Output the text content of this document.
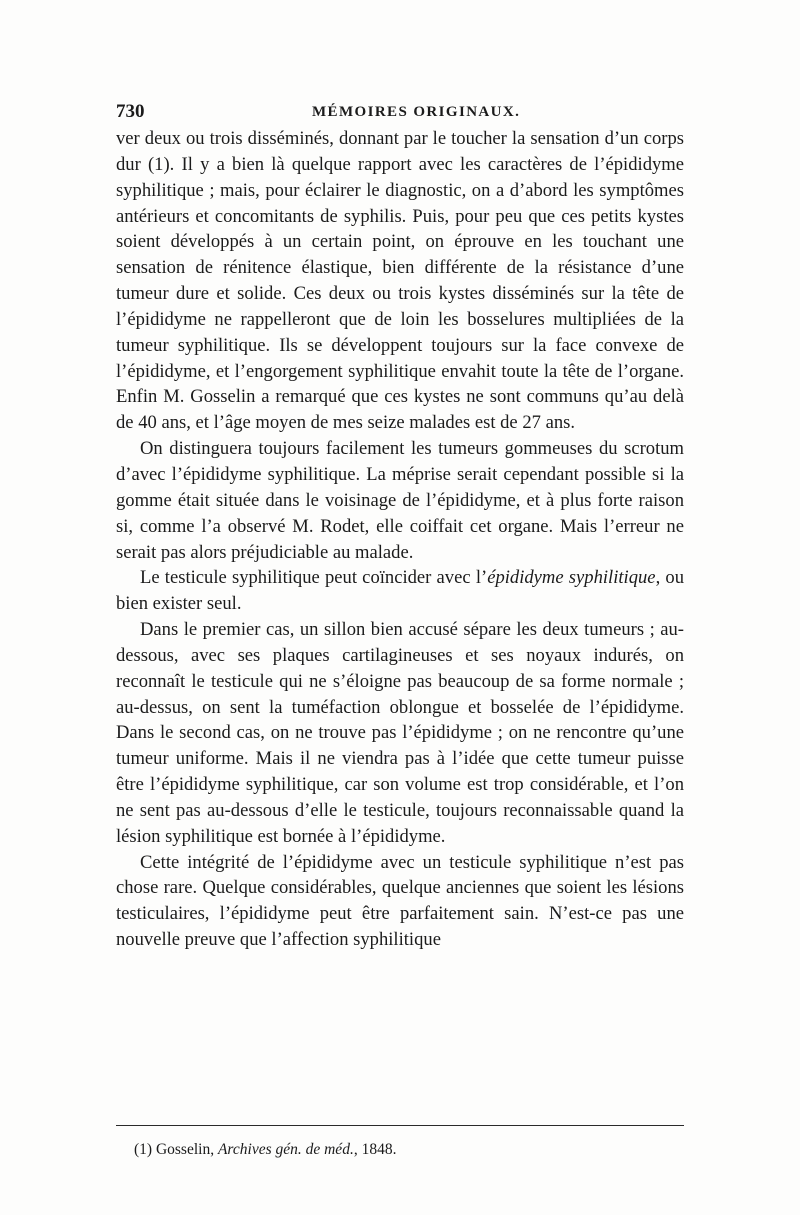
730	MÉMOIRES ORIGINAUX.

ver deux ou trois disséminés, donnant par le toucher la sensation d’un corps dur (1). Il y a bien là quelque rapport avec les caractères de l’épididyme syphilitique ; mais, pour éclairer le diagnostic, on a d’abord les symptômes antérieurs et concomitants de syphilis. Puis, pour peu que ces petits kystes soient développés à un certain point, on éprouve en les touchant une sensation de rénitence élastique, bien différente de la résistance d’une tumeur dure et solide. Ces deux ou trois kystes disséminés sur la tête de l’épididyme ne rappelleront que de loin les bosselures multipliées de la tumeur syphilitique. Ils se développent toujours sur la face convexe de l’épididyme, et l’engorgement syphilitique envahit toute la tête de l’organe. Enfin M. Gosselin a remarqué que ces kystes ne sont communs qu’au delà de 40 ans, et l’âge moyen de mes seize malades est de 27 ans.

On distinguera toujours facilement les tumeurs gommeuses du scrotum d’avec l’épididyme syphilitique. La méprise serait cependant possible si la gomme était située dans le voisinage de l’épididyme, et à plus forte raison si, comme l’a observé M. Rodet, elle coiffait cet organe. Mais l’erreur ne serait pas alors préjudiciable au malade.

Le testicule syphilitique peut coïncider avec l’épididyme syphilitique, ou bien exister seul.

Dans le premier cas, un sillon bien accusé sépare les deux tumeurs ; au-dessous, avec ses plaques cartilagineuses et ses noyaux indurés, on reconnaît le testicule qui ne s’éloigne pas beaucoup de sa forme normale ; au-dessus, on sent la tuméfaction oblongue et bosselée de l’épididyme. Dans le second cas, on ne trouve pas l’épididyme ; on ne rencontre qu’une tumeur uniforme. Mais il ne viendra pas à l’idée que cette tumeur puisse être l’épididyme syphilitique, car son volume est trop considérable, et l’on ne sent pas au-dessous d’elle le testicule, toujours reconnaissable quand la lésion syphilitique est bornée à l’épididyme.

Cette intégrité de l’épididyme avec un testicule syphilitique n’est pas chose rare. Quelque considérables, quelque anciennes que soient les lésions testiculaires, l’épididyme peut être parfaitement sain. N’est-ce pas une nouvelle preuve que l’affection syphilitique

(1) Gosselin, Archives gén. de méd., 1848.
